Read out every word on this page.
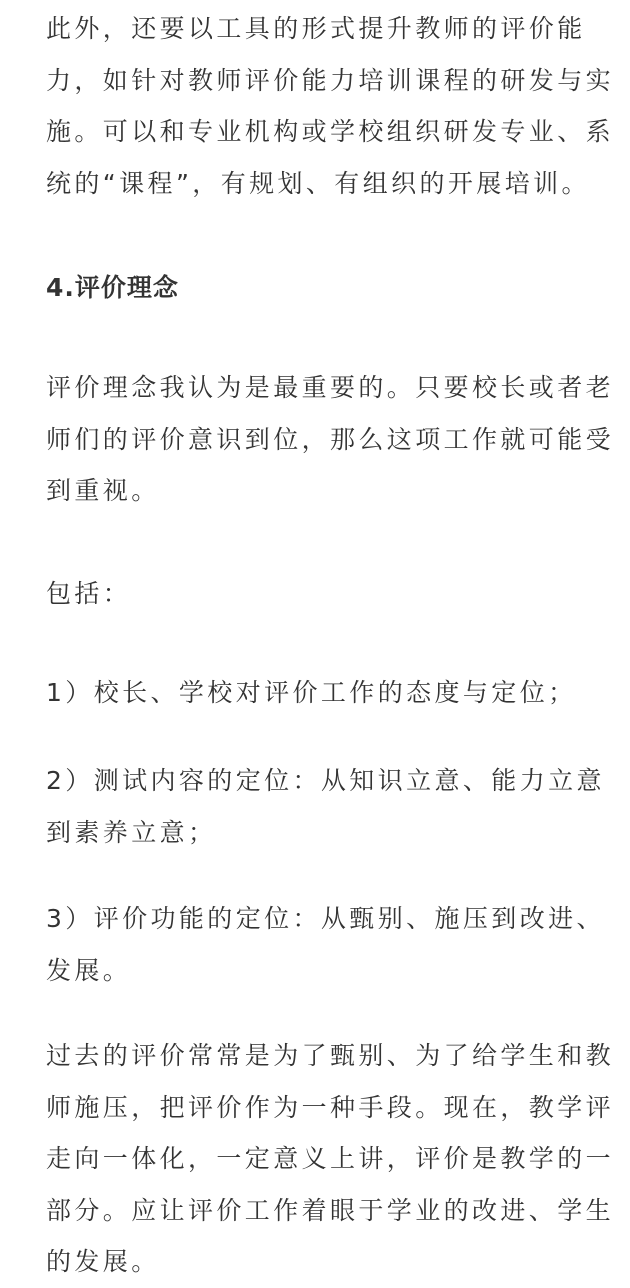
此外，还要以工具的形式提升教师的评价能
力，如针对教师评价能力培训课程的研发与实
施。可以和专业机构或学校组织研发专业、系
统的“课程”，有规划、有组织的开展培训。

4.评价理念

评价理念我认为是最重要的。只要校长或者老
师们的评价意识到位，那么这项工作就可能受
到重视。

包括：

1）校长、学校对评价工作的态度与定位；

2）测试内容的定位：从知识立意、能力立意
到素养立意；

3）评价功能的定位：从甄别、施压到改进、
发展。

过去的评价常常是为了甄别、为了给学生和教
师施压，把评价作为一种手段。现在，教学评
走向一体化，一定意义上讲，评价是教学的一
部分。应让评价工作着眼于学业的改进、学生
的发展。
